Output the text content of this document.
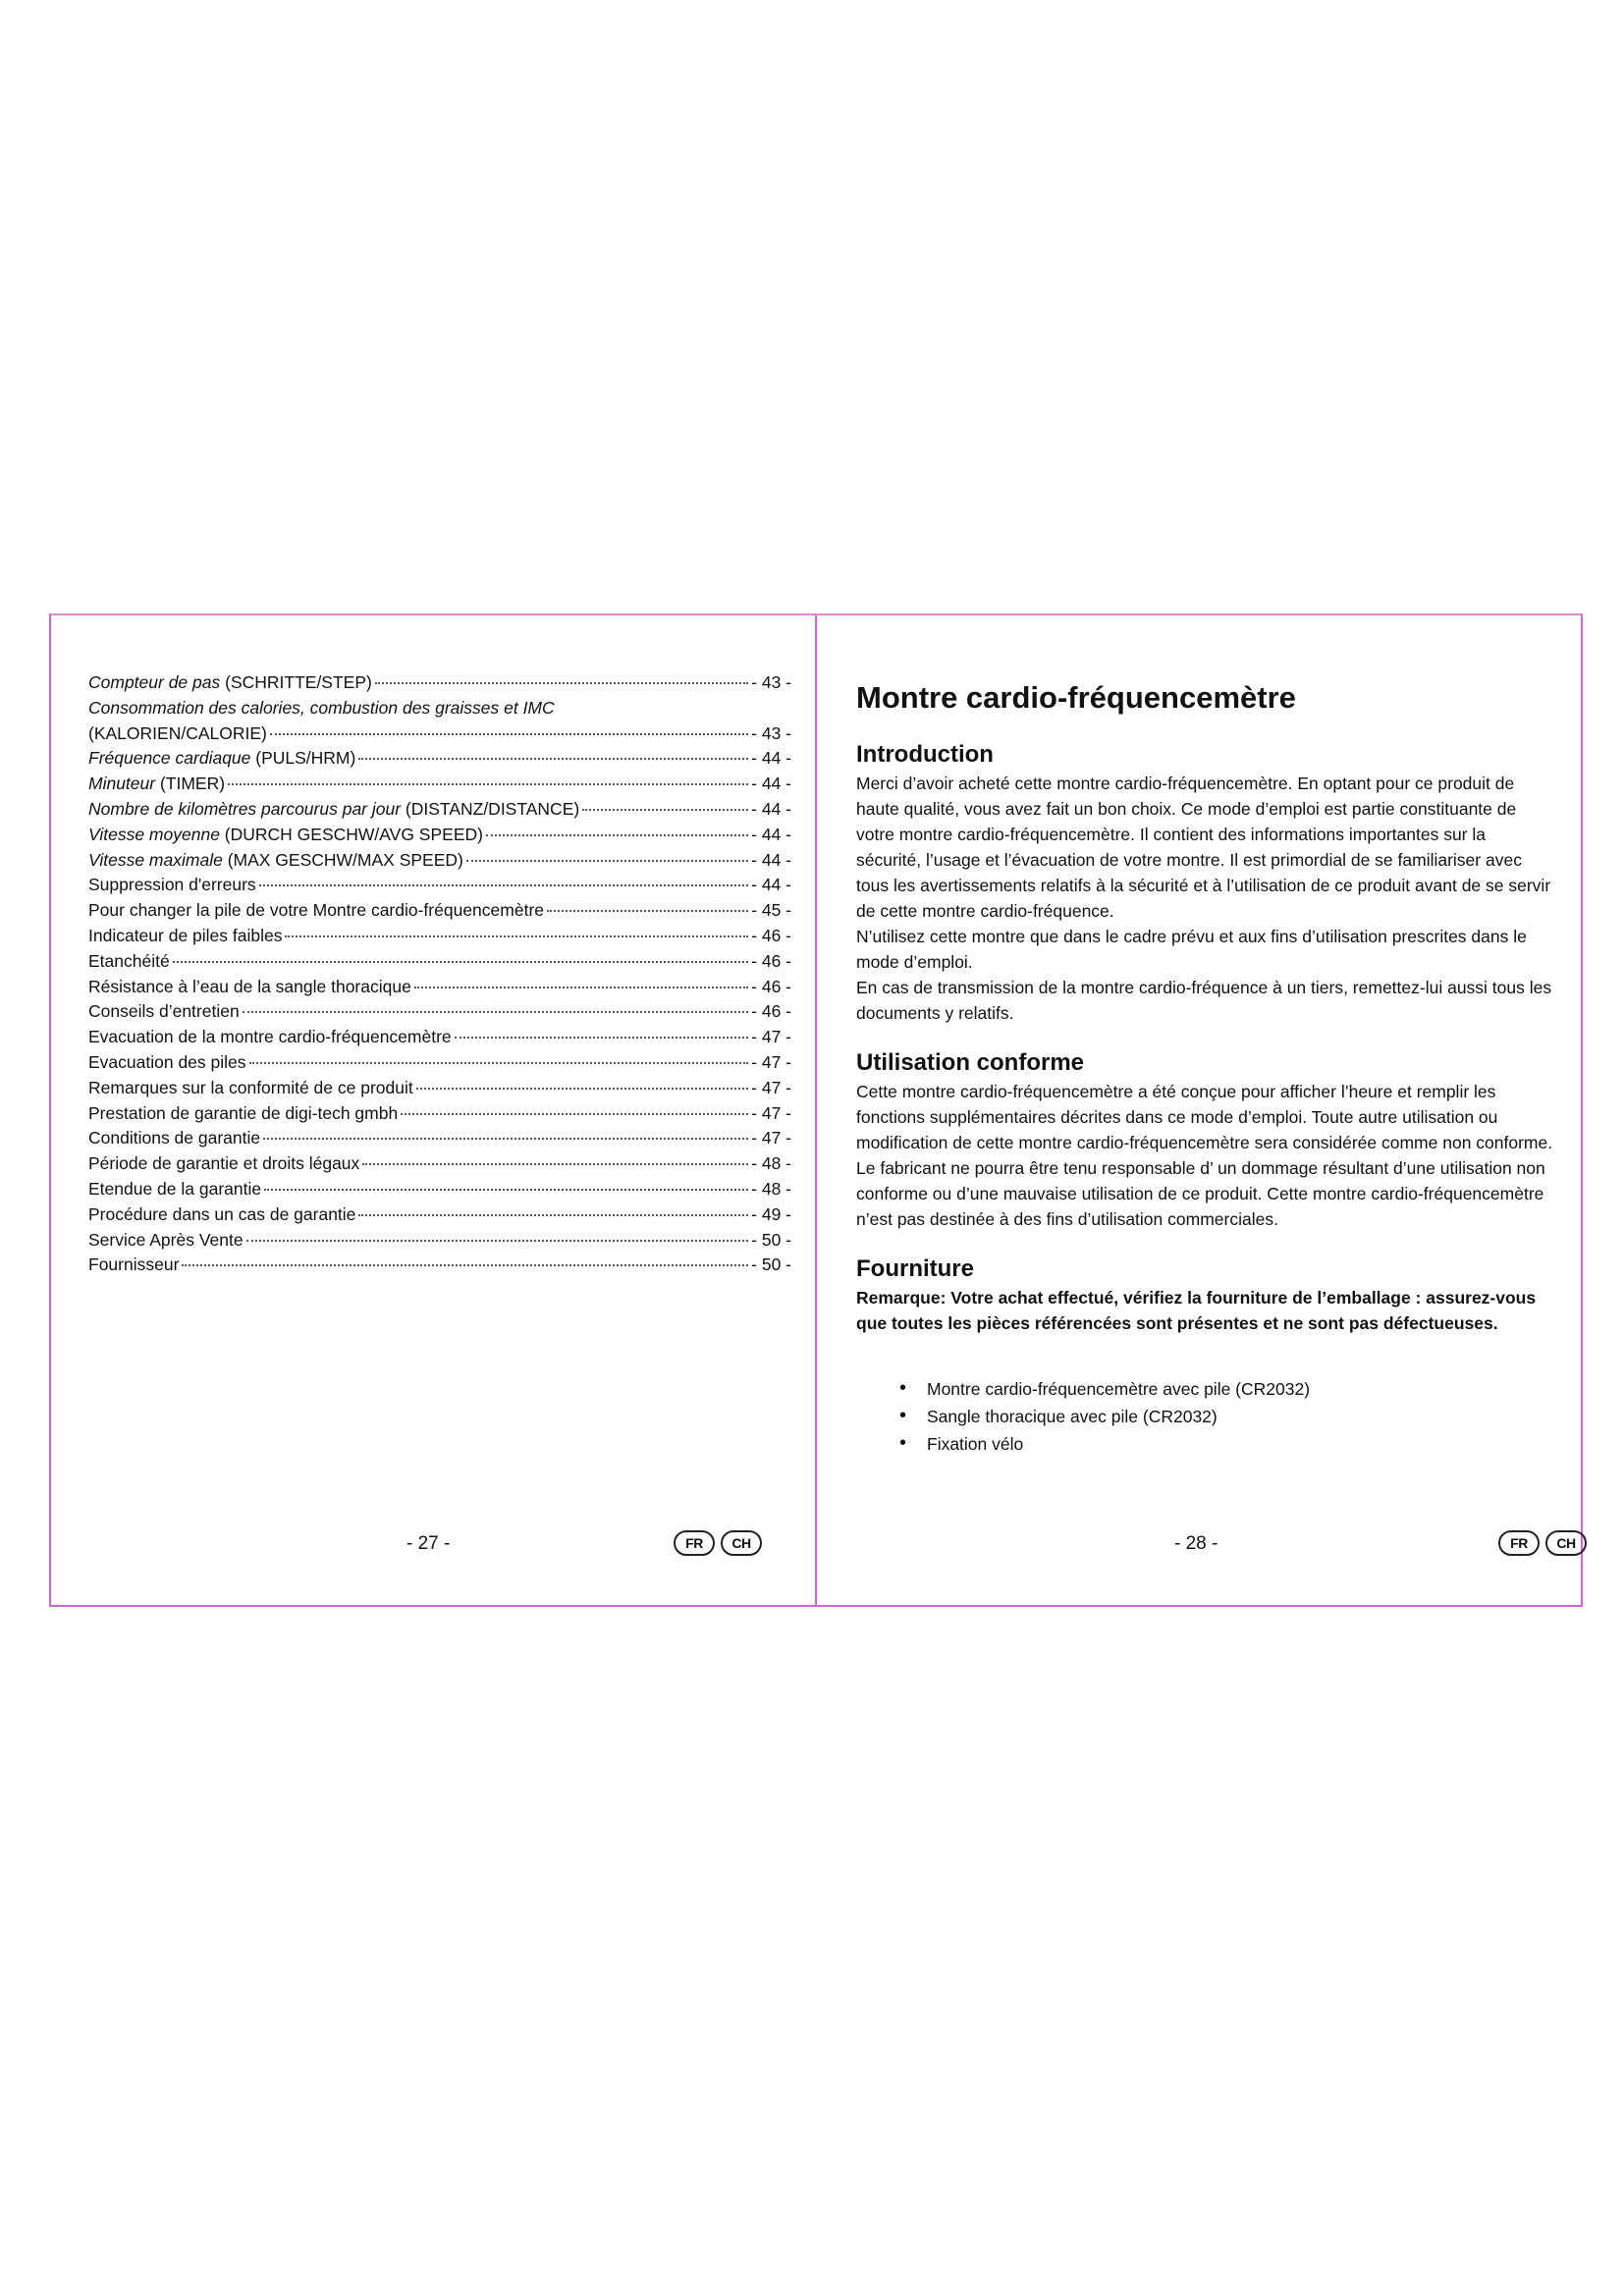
Compteur de pas (SCHRITTE/STEP)	- 43 -
Consommation des calories, combustion des graisses et IMC
(KALORIEN/CALORIE)	- 43 -
Fréquence cardiaque (PULS/HRM)	- 44 -
Minuteur (TIMER)	- 44 -
Nombre de kilomètres parcourus par jour (DISTANZ/DISTANCE)	- 44 -
Vitesse moyenne (DURCH GESCHW/AVG SPEED)	- 44 -
Vitesse maximale (MAX GESCHW/MAX SPEED)	- 44 -
Suppression d'erreurs	- 44 -
Pour changer la pile de votre Montre cardio-fréquencemètre	- 45 -
Indicateur de piles faibles	- 46 -
Etanchéité	- 46 -
Résistance à l’eau de la sangle thoracique	- 46 -
Conseils d’entretien	- 46 -
Evacuation de la montre cardio-fréquencemètre	- 47 -
Evacuation des piles	- 47 -
Remarques sur la conformité de ce produit	- 47 -
Prestation de garantie de digi-tech gmbh	- 47 -
Conditions de garantie	- 47 -
Période de garantie et droits légaux	- 48 -
Etendue de la garantie	- 48 -
Procédure dans un cas de garantie	- 49 -
Service Après Vente	- 50 -
Fournisseur	- 50 -
- 27 -	FR	CH
Montre cardio-fréquencemètre
Introduction

Merci d’avoir acheté cette montre cardio-fréquencemètre. En optant pour ce produit de haute qualité, vous avez fait un bon choix. Ce mode d’emploi est partie constituante de votre montre cardio-fréquencemètre. Il contient des informations importantes sur la sécurité, l’usage et l’évacuation de votre montre. Il est primordial de se familiariser avec tous les avertissements relatifs à la sécurité et à l’utilisation de ce produit avant de se servir de cette montre cardio-fréquence.

N’utilisez cette montre que dans le cadre prévu et aux fins d’utilisation prescrites dans le mode d’emploi.

En cas de transmission de la montre cardio-fréquence à un tiers, remettez-lui aussi tous les documents y relatifs.

Utilisation conforme

Cette montre cardio-fréquencemètre a été conçue pour afficher l’heure et remplir les fonctions supplémentaires décrites dans ce mode d’emploi. Toute autre utilisation ou modification de cette montre cardio-fréquencemètre sera considérée comme non conforme. Le fabricant ne pourra être tenu responsable d’ un dommage résultant d’une utilisation non conforme ou d’une mauvaise utilisation de ce produit. Cette montre cardio-fréquencemètre n’est pas destinée à des fins d’utilisation commerciales.

Fourniture

Remarque: Votre achat effectué, vérifiez la fourniture de l’emballage : assurez-vous que toutes les pièces référencées sont présentes et ne sont pas défectueuses.

•	Montre cardio-fréquencemètre avec pile (CR2032)
•	Sangle thoracique avec pile (CR2032)
•	Fixation vélo
- 28 -	FR	CH
